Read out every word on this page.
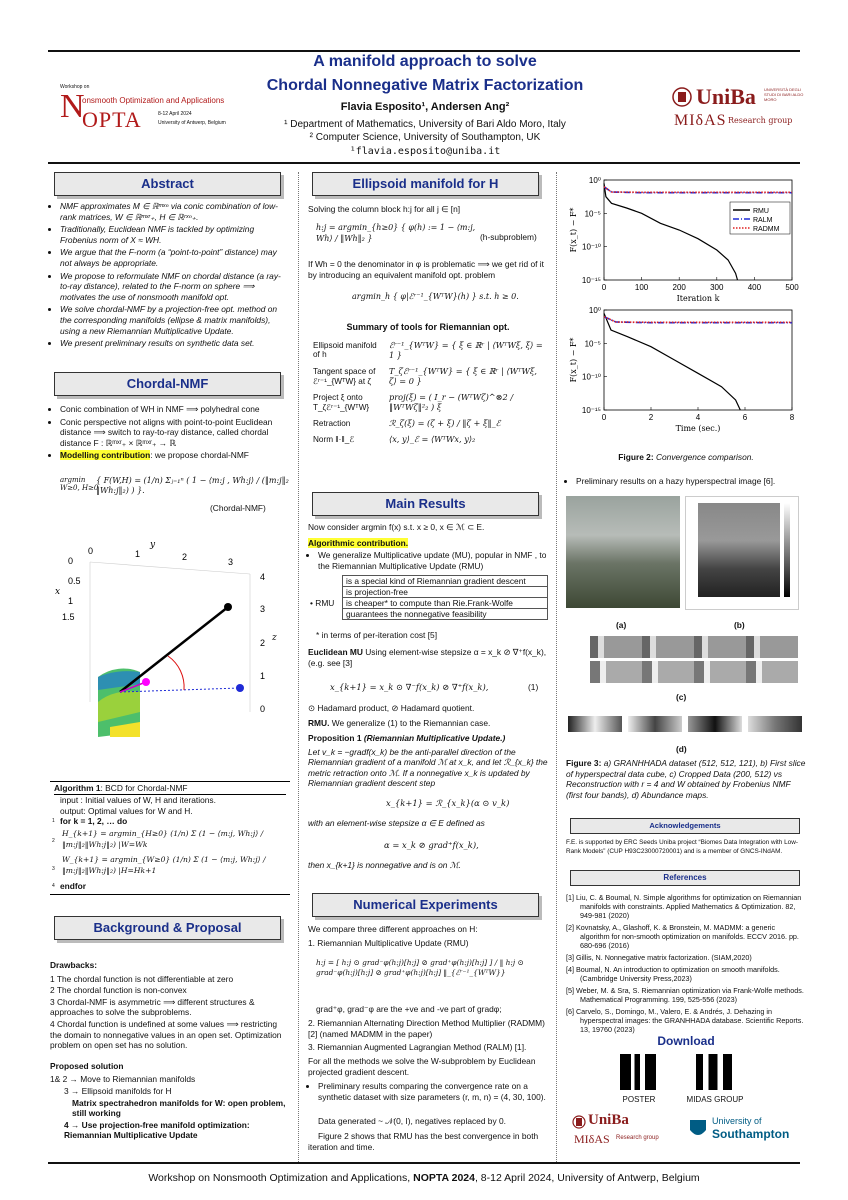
Workshop on
N
onsmooth Optimization and Applications
OPTA	8-12 April 2024
University of Antwerp, Belgium
A manifold approach to solve
Chordal Nonnegative Matrix Factorization
Flavia Esposito¹, Andersen Ang²
¹ Department of Mathematics, University of Bari Aldo Moro, Italy
² Computer Science, University of Southampton, UK
¹flavia.esposito@uniba.it
UniBa UNIVERSITÀ DEGLI STUDI DI BARI ALDO MORO
MIδAS Research group
Abstract
• NMF approximates M ∈ ℝᵐˣⁿ via conic combination of low-rank matrices, W ∈ ℝᵐˣʳ₊, H ∈ ℝʳˣⁿ₊.
• Traditionally, Euclidean NMF is tackled by optimizing Frobenius norm of X ≈ WH.
• We argue that the F-norm (a “point-to-point” distance) may not always be appropriate.
• We propose to reformulate NMF on chordal distance (a ray-to-ray distance), related to the F-norm on sphere ⟹ motivates the use of nonsmooth manifold opt.
• We solve chordal-NMF by a projection-free opt. method on the corresponding manifolds (ellipse & matrix manifolds), using a new Riemannian Multiplicative Update.
• We present preliminary results on synthetic data set.
Chordal-NMF
• Conic combination of WH in NMF ⟹ polyhedral cone
• Conic perspective not aligns with point-to-point Euclidean distance ⟹ switch to ray-to-ray distance, called chordal distance F : ℝᵐˣʳ₊ × ℝᵐˣʳ₊ → ℝ
• Modelling contribution: we propose chordal-NMF
argmin W≥0, H≥0
{ F(W,H) = (1/n) Σⱼ₌₁ⁿ ( 1 − ⟨m:j , Wh:j⟩ / (‖m:j‖₂ ‖Wh:j‖₂) ) }.
(Chordal-NMF)
0	1	2	3
y
0
0.5
1
1.5
x
4
3
2
1
0
z
Algorithm 1: BCD for Chordal-NMF
input : Initial values of W, H and iterations.
output: Optimal values for W and H.
1 for k = 1, 2, … do
2
H_{k+1} = argmin_{H≥0} (1/n) Σ (1 − ⟨m:j, Wh:j⟩ / ‖m:j‖₂‖Wh:j‖₂) |W=Wk
3
W_{k+1} = argmin_{W≥0} (1/n) Σ (1 − ⟨m:j, Wh:j⟩ / ‖m:j‖₂‖Wh:j‖₂) |H=Hk+1
4 endfor
Background & Proposal

Drawbacks:

1 The chordal function is not differentiable at zero

2 The chordal function is non-convex

3 Chordal-NMF is asymmetric ⟹ different structures & approaches to solve the subproblems.

4 Chordal function is undefined at some values ⟹ restricting the domain to nonnegative values in an open set. Optimization problem on open set has no solution.

Proposed solution

1& 2 → Move to Riemannian manifolds

3 → Ellipsoid manifolds for H

Matrix spectrahedron manifolds for W: open problem, still working

4 → Use projection-free manifold optimization: Riemannian Multiplicative Update

Ellipsoid manifold for H
Solving the column block h:j for all j ∈ [n]
h:j = argmin_{h≥0} { φ(h) := 1 − ⟨m:j, Wh⟩ / ‖Wh‖₂ }	(h-subproblem)
If Wh = 0 the denominator in φ is problematic ⟹ we get rid of it by introducing an equivalent manifold opt. problem
argmin_h { φ|ℰʳ⁻¹_{WᵀW}(h) } s.t. h ≥ 0.
Summary of tools for Riemannian opt.
Ellipsoid manifold of h	ℰʳ⁻¹_{WᵀW} = { ξ ∈ ℝʳ | ⟨WᵀWξ, ξ⟩ = 1 }
Tangent space of ℰʳ⁻¹_{WᵀW} at ζ	T_ζℰʳ⁻¹_{WᵀW} = { ξ ∈ ℝʳ | ⟨WᵀWξ, ζ⟩ = 0 }
Project ξ onto T_ζℰʳ⁻¹_{WᵀW}	proj(ξ) = ( I_r − (WᵀWζ)^⊗2 / ‖WᵀWζ‖²₂ ) ξ
Retraction	ℛ_ζ(ξ) = (ζ + ξ) / ‖ζ + ξ‖_ℰ
Norm ‖·‖_ℰ	⟨x, y⟩_ℰ = ⟨WᵀWx, y⟩₂
Main Results
Now consider argmin f(x) s.t. x ≥ 0, x ∈ ℳ ⊂ E.
Algorithmic contribution.
• We generalize Multiplicative update (MU), popular in NMF , to the Riemannian Multiplicative Update (RMU)
• RMU
is a special kind of Riemannian gradient descent
is projection-free
is cheaper* to compute than Rie.Frank-Wolfe
guarantees the nonnegative feasibility
* in terms of per-iteration cost [5]
Euclidean MU Using element-wise stepsize α = x_k ⊘ ∇⁺f(x_k), (e.g. see [3]
x_{k+1} = x_k ⊙ ∇⁻f(x_k) ⊘ ∇⁺f(x_k),	(1)
⊙ Hadamard product, ⊘ Hadamard quotient.
RMU. We generalize (1) to the Riemannian case.

Proposition 1 (Riemannian Multiplicative Update.)

Let v_k = −gradf(x_k) be the anti-parallel direction of the Riemannian gradient of a manifold ℳ at x_k, and let ℛ_{x_k} the metric retraction onto ℳ. If a nonnegative x_k is updated by Riemannian gradient descent step

x_{k+1} = ℛ_{x_k}(α ⊙ v_k)
with an element-wise stepsize α ∈ E defined as
α = x_k ⊘ grad⁺f(x_k),
then x_{k+1} is nonnegative and is on ℳ.
Numerical Experiments
We compare three different approaches on H:
1. Riemannian Multiplicative Update (RMU)
h:j = [ h:j ⊙ grad⁻φ(h:j)[h:j] ⊘ grad⁺φ(h:j)[h:j] ] / ‖ h:j ⊙ grad⁻φ(h:j)[h:j] ⊘ grad⁺φ(h:j)[h:j] ‖_{ℰʳ⁻¹_{WᵀW}}
grad⁺φ, grad⁻φ are the +ve and -ve part of gradφ;
2. Riemannian Alternating Direction Method Multiplier (RADMM) [2] (named MADMM in the paper)
3. Riemannian Augmented Lagrangian Method (RALM) [1].
For all the methods we solve the W-subproblem by Euclidean projected gradient descent.
• Preliminary results comparing the convergence rate on a synthetic dataset with size parameters (r, m, n) = (4, 30, 100).
Data generated ~ 𝒩(0, I), negatives replaced by 0.
Figure 2 shows that RMU has the best convergence in both iteration and time.
10⁰
10⁻⁵
10⁻¹⁰
10⁻¹⁵
0	100	200	300	400	500
Iteration k
F(x_t) − F*	RMU
RALM
RADMM
10⁰
10⁻⁵
10⁻¹⁰
10⁻¹⁵
0	2	4	6	8
Time (sec.)
F(x_t) − F*
Figure 2: Convergence comparison.
• Preliminary results on a hazy hyperspectral image [6].
(a)	(b)
(c)
(d)
Figure 3: a) GRANHHADA dataset (512, 512, 121), b) First slice of hyperspectral data cube, c) Cropped Data (200, 512) vs Reconstruction with r = 4 and W obtained by Frobenius NMF (first four bands), d) Abundance maps.
Acknowledgements
F.E. is supported by ERC Seeds Uniba project “Biomes Data Integration with Low-Rank Models” (CUP H93C23000720001) and is a member of GNCS-INdAM.
References
[1] Liu, C. & Boumal, N. Simple algorithms for optimization on Riemannian manifolds with constraints. Applied Mathematics & Optimization. 82, 949-981 (2020)
[2] Kovnatsky, A., Glashoff, K. & Bronstein, M. MADMM: a generic algorithm for non-smooth optimization on manifolds. ECCV 2016. pp. 680-696 (2016)
[3] Gillis, N. Nonnegative matrix factorization. (SIAM,2020)
[4] Boumal, N. An introduction to optimization on smooth manifolds. (Cambridge University Press,2023)
[5] Weber, M. & Sra, S. Riemannian optimization via Frank-Wolfe methods. Mathematical Programming. 199, 525-556 (2023)
[6] Carvelo, S., Domingo, M., Valero, E. & Andrés, J. Dehazing in hyperspectral images: the GRANHHADA database. Scientific Reports. 13, 19760 (2023)
Download
POSTER	MIDAS GROUP
UniBa
MIδAS Research group
University of
Southampton
Workshop on Nonsmooth Optimization and Applications, NOPTA 2024, 8-12 April 2024, University of Antwerp, Belgium
